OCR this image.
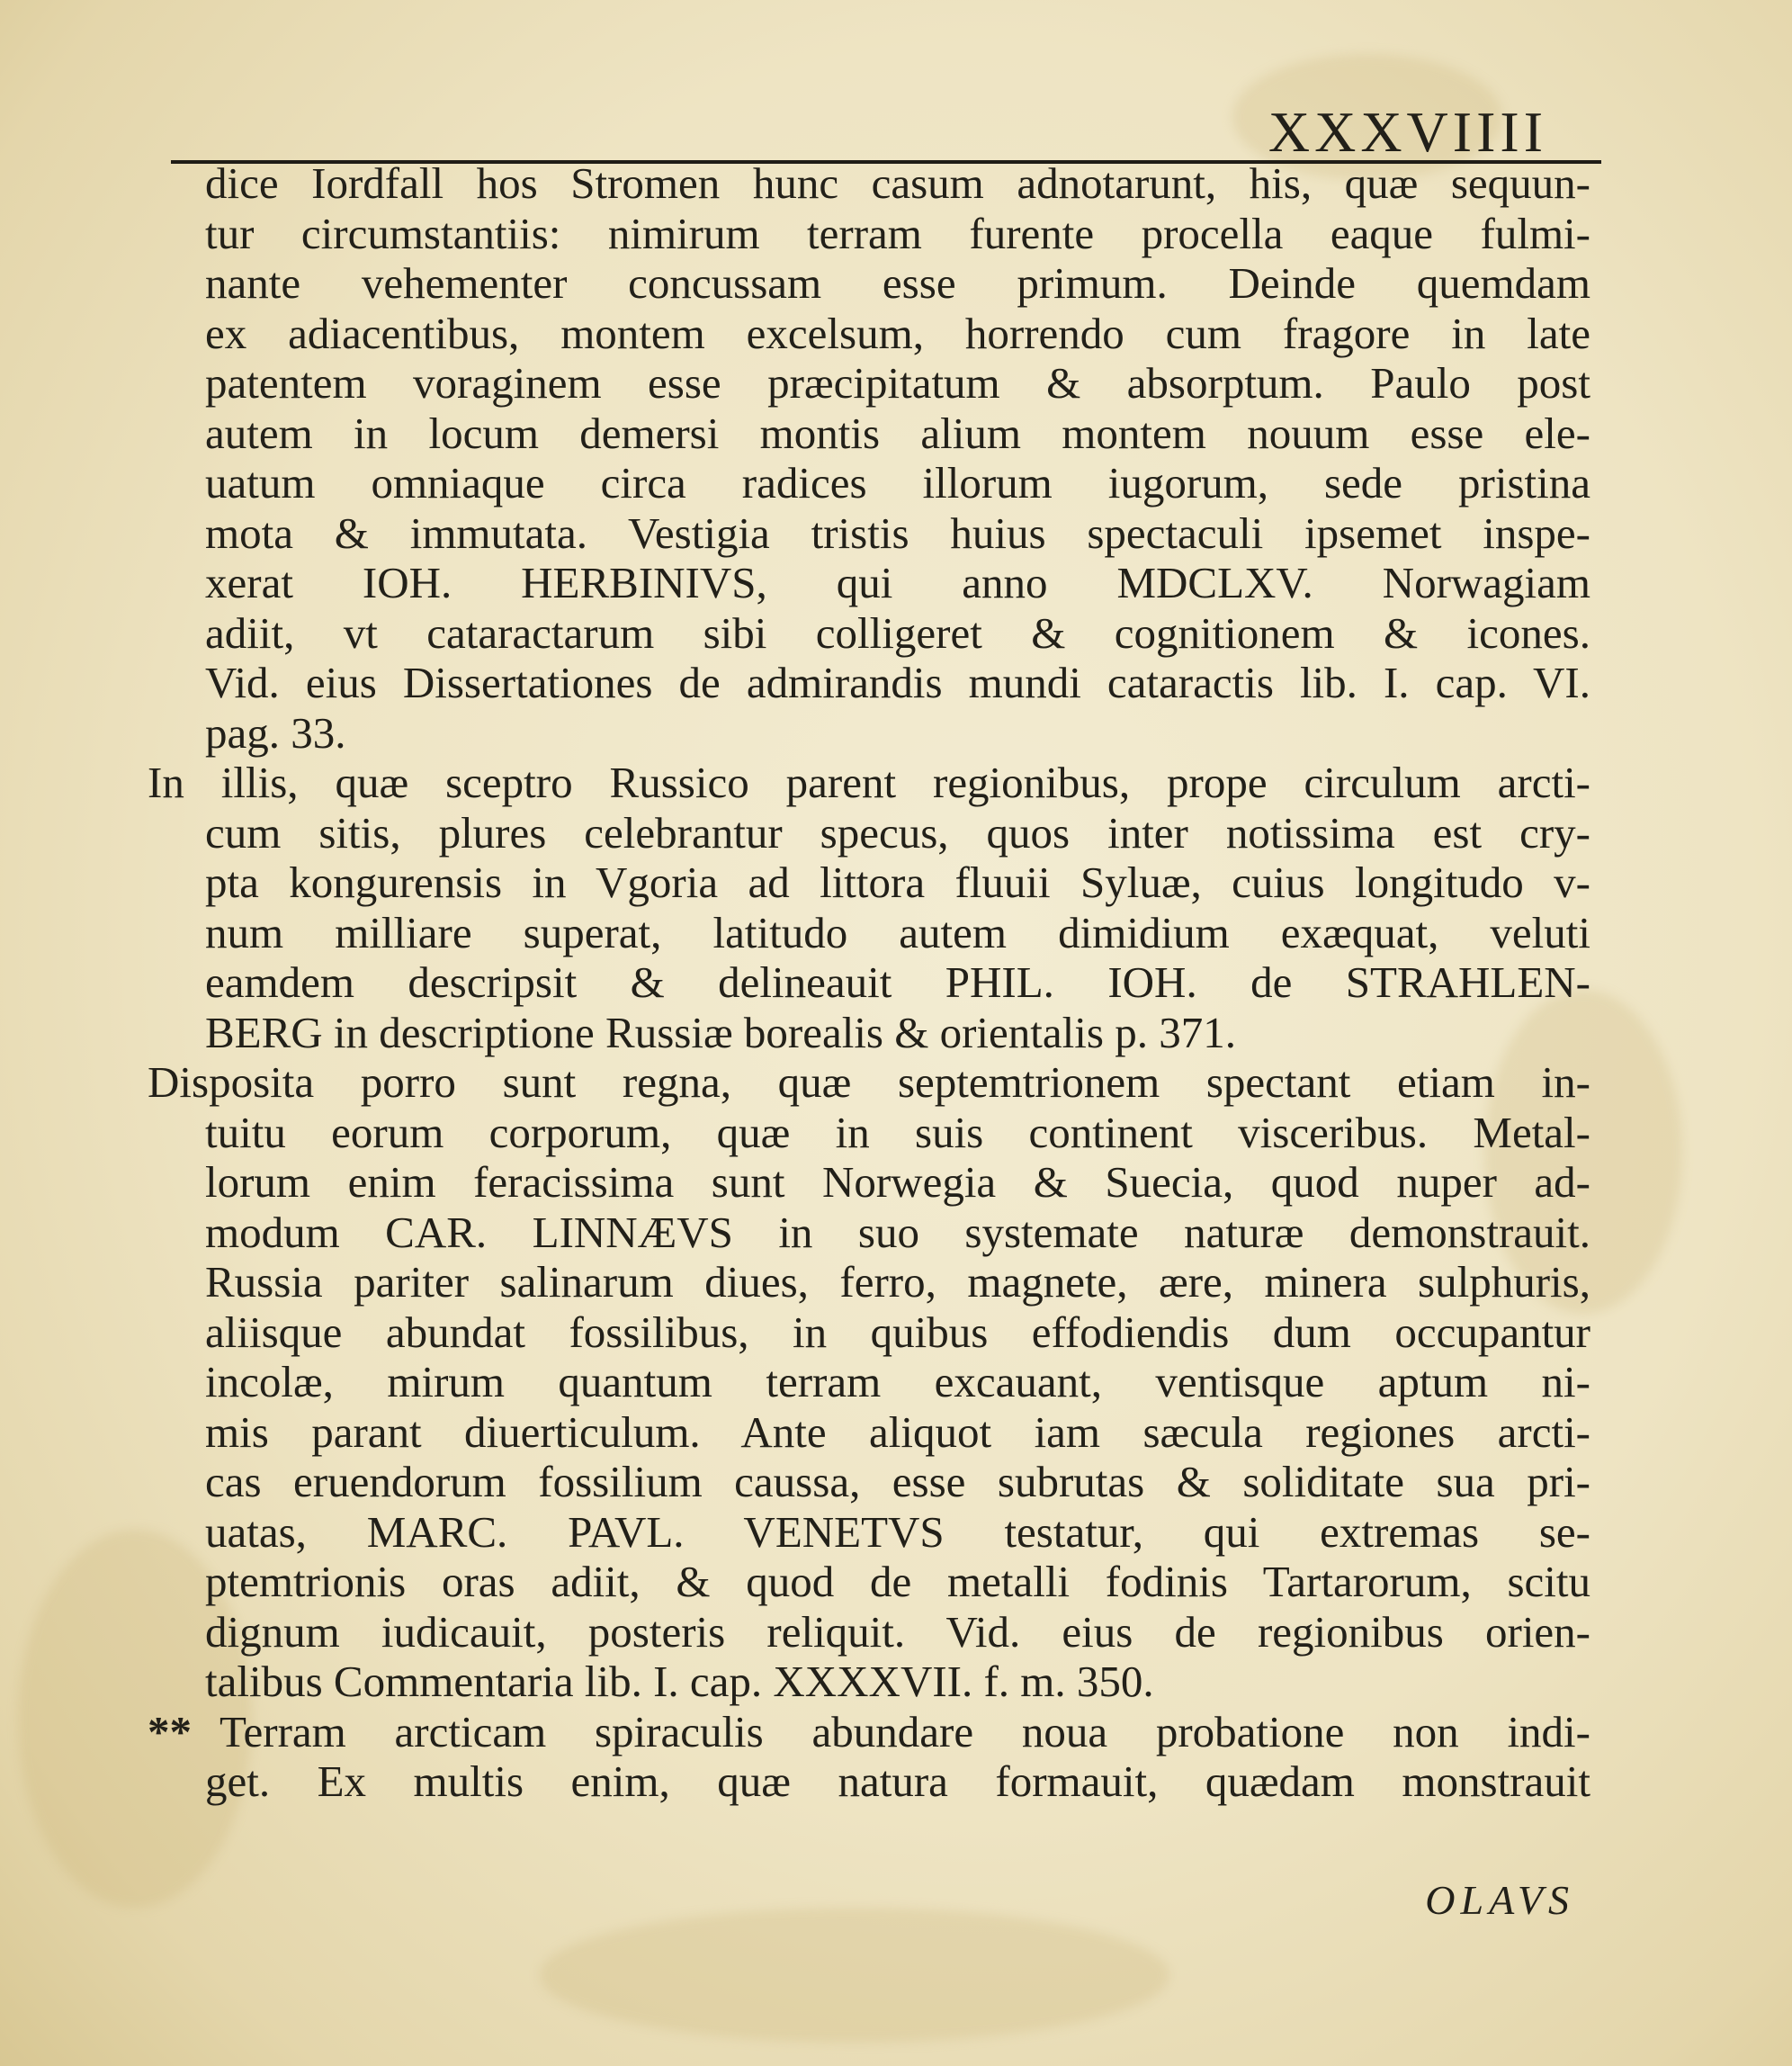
XXXVIIII
dice Iordfall hos Stromen hunc casum adnotarunt, his, quæ sequun-
tur circumstantiis: nimirum terram furente procella eaque fulmi-
nante vehementer concussam esse primum. Deinde quemdam
ex adiacentibus, montem excelsum, horrendo cum fragore in late
patentem voraginem esse præcipitatum & absorptum. Paulo post
autem in locum demersi montis alium montem nouum esse ele-
uatum omniaque circa radices illorum iugorum, sede pristina
mota & immutata. Vestigia tristis huius spectaculi ipsemet inspe-
xerat IOH. HERBINIVS, qui anno MDCLXV. Norwagiam
adiit, vt cataractarum sibi colligeret & cognitionem & icones.
Vid. eius Dissertationes de admirandis mundi cataractis lib. I. cap. VI.
pag. 33.
In illis, quæ sceptro Russico parent regionibus, prope circulum arcti-
cum sitis, plures celebrantur specus, quos inter notissima est cry-
pta kongurensis in Vgoria ad littora fluuii Syluæ, cuius longitudo v-
num milliare superat, latitudo autem dimidium exæquat, veluti
eamdem descripsit & delineauit PHIL. IOH. de STRAHLEN-
BERG in descriptione Russiæ borealis & orientalis p. 371.
Disposita porro sunt regna, quæ septemtrionem spectant etiam in-
tuitu eorum corporum, quæ in suis continent visceribus. Metal-
lorum enim feracissima sunt Norwegia & Suecia, quod nuper ad-
modum CAR. LINNÆVS in suo systemate naturæ demonstrauit.
Russia pariter salinarum diues, ferro, magnete, ære, minera sulphuris,
aliisque abundat fossilibus, in quibus effodiendis dum occupantur
incolæ, mirum quantum terram excauant, ventisque aptum ni-
mis parant diuerticulum. Ante aliquot iam sæcula regiones arcti-
cas eruendorum fossilium caussa, esse subrutas & soliditate sua pri-
uatas, MARC. PAVL. VENETVS testatur, qui extremas se-
ptemtrionis oras adiit, & quod de metalli fodinis Tartarorum, scitu
dignum iudicauit, posteris reliquit. Vid. eius de regionibus orien-
talibus Commentaria lib. I. cap. XXXXVII. f. m. 350.
** Terram arcticam spiraculis abundare noua probatione non indi-
get. Ex multis enim, quæ natura formauit, quædam monstrauit
OLAVS
